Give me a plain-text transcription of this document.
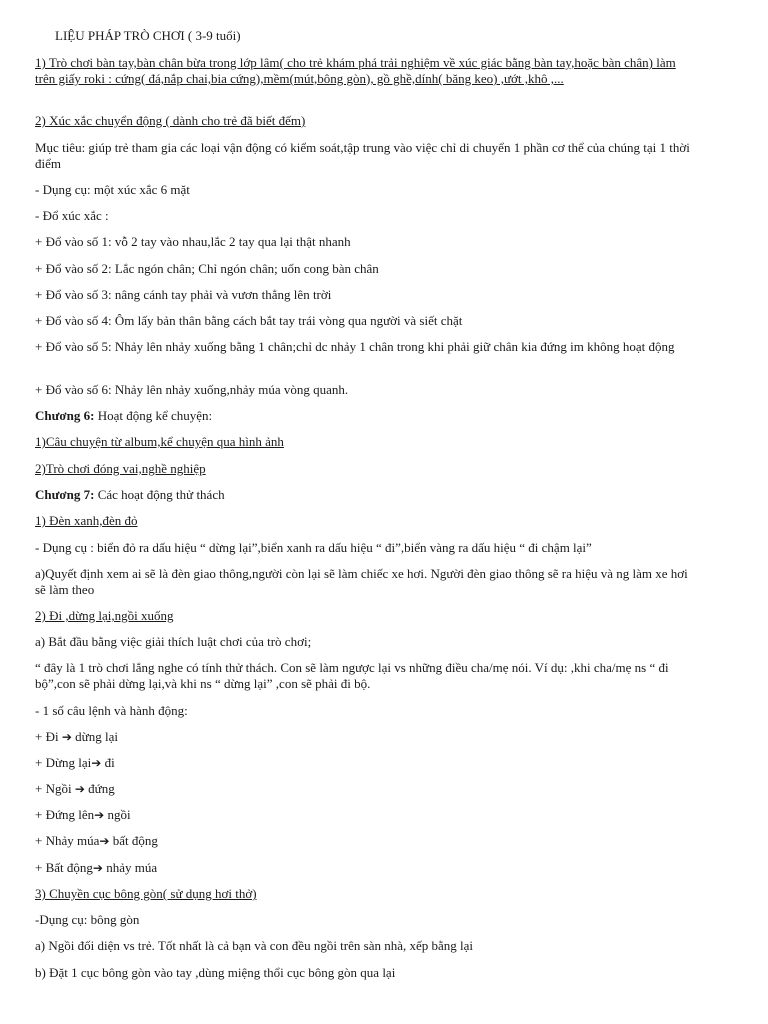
LIỆU PHÁP TRÒ CHƠI ( 3-9 tuổi)
1) Trò chơi bàn tay,bàn chân bừa trong lớp lâm( cho trẻ khám phá trải nghiệm về xúc giác bằng bàn tay,hoặc bàn chân) làm trên giấy roki : cứng( đá,nắp chai,bia cứng),mềm(mút,bông gòn), gồ ghề,dính( băng keo) ,ướt ,khô ,...
2) Xúc xắc chuyển động ( dành cho trẻ đã biết đếm)
Mục tiêu: giúp trẻ tham gia các loại vận động có kiểm soát,tập trung vào việc chỉ di chuyển 1 phần cơ thể của chúng tại 1 thời điểm
- Dụng cụ: một xúc xắc 6 mặt
- Đổ xúc xắc :
+ Đổ vào số 1: vỗ 2 tay vào nhau,lắc 2 tay qua lại thật nhanh
+ Đổ vào số 2: Lắc ngón chân; Chỉ ngón chân; uốn cong bàn chân
+ Đổ vào số 3: nâng cánh tay phải và vươn thẳng lên trời
+ Đổ vào số 4: Ôm lấy bản thân bằng cách bắt tay trái vòng qua người và siết chặt
+ Đổ vào số 5: Nhảy lên nhảy xuống bằng 1 chân;chỉ dc nhảy 1 chân trong khi phải giữ chân kia đứng im không hoạt động
+ Đổ vào số 6: Nhảy lên nhảy xuống,nhảy múa vòng quanh.
Chương 6: Hoạt động kể chuyện:
1)Câu chuyện từ album,kể chuyện qua hình ảnh
2)Trò chơi đóng vai,nghề nghiệp
Chương 7: Các hoạt động thử thách
1) Đèn xanh,đèn đỏ
- Dụng cụ : biển đỏ ra dấu hiệu “ dừng lại”,biển xanh ra dấu hiệu “ đi”,biển vàng ra dấu hiệu “ đi chậm lại”
a)Quyết định xem ai sẽ là đèn giao thông,người còn lại sẽ làm chiếc xe hơi. Người đèn giao thông sẽ ra hiệu và ng làm xe hơi sẽ làm theo
2) Đi ,dừng lại,ngồi xuống
a) Bắt đầu bằng việc giải thích luật chơi của trò chơi;
“ đây là 1 trò chơi lắng nghe có tính thử thách. Con sẽ làm ngược lại vs những điều cha/mẹ nói. Ví dụ: ,khi cha/mẹ ns “ đi bộ”,con sẽ phải dừng lại,và khi ns “ dừng lại” ,con sẽ phải đi bộ.
- 1 số câu lệnh và hành động:
+ Đi ➔ dừng lại
+ Dừng lại➔ đi
+ Ngồi ➔ đứng
+ Đứng lên➔ ngồi
+ Nhảy múa➔ bất động
+ Bất động➔ nhảy múa
3) Chuyền cục bông gòn( sử dụng hơi thở)
-Dụng cụ: bông gòn
a) Ngồi đối diện vs trẻ. Tốt nhất là cả bạn và con đều ngồi trên sàn nhà, xếp bằng lại
b) Đặt 1 cục bông gòn vào tay ,dùng miệng thổi cục bông gòn qua lại
